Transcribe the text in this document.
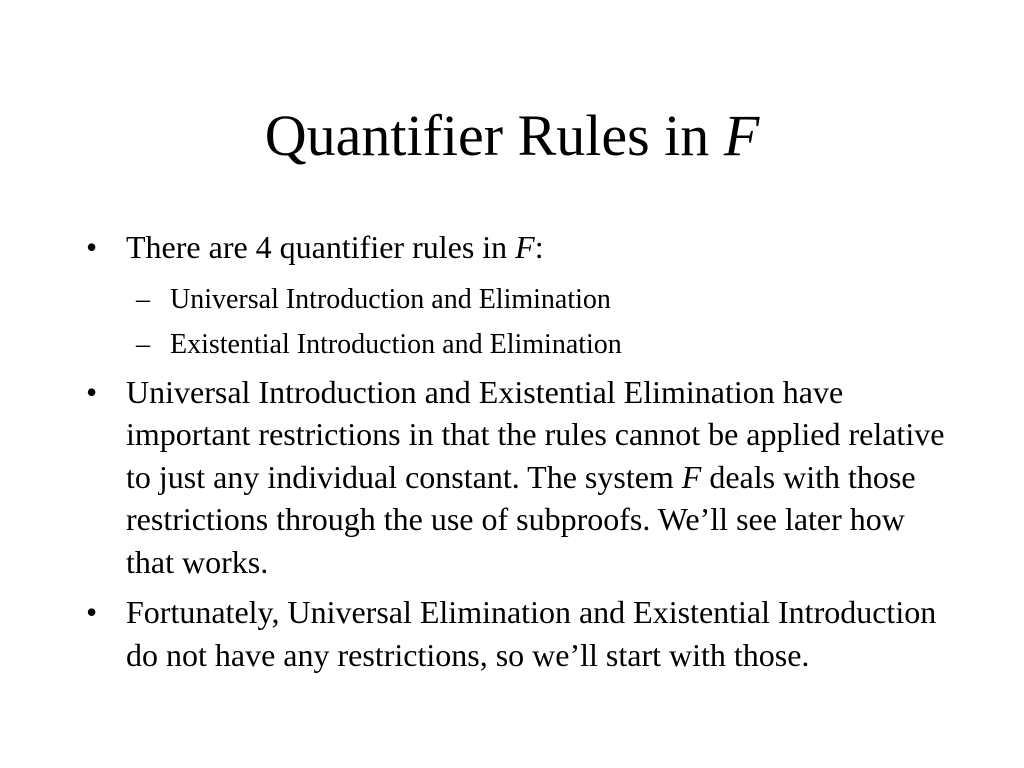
Quantifier Rules in F
• There are 4 quantifier rules in F:
– Universal Introduction and Elimination
– Existential Introduction and Elimination
• Universal Introduction and Existential Elimination have important restrictions in that the rules cannot be applied relative to just any individual constant. The system F deals with those restrictions through the use of subproofs. We’ll see later how that works.
• Fortunately, Universal Elimination and Existential Introduction do not have any restrictions, so we’ll start with those.
